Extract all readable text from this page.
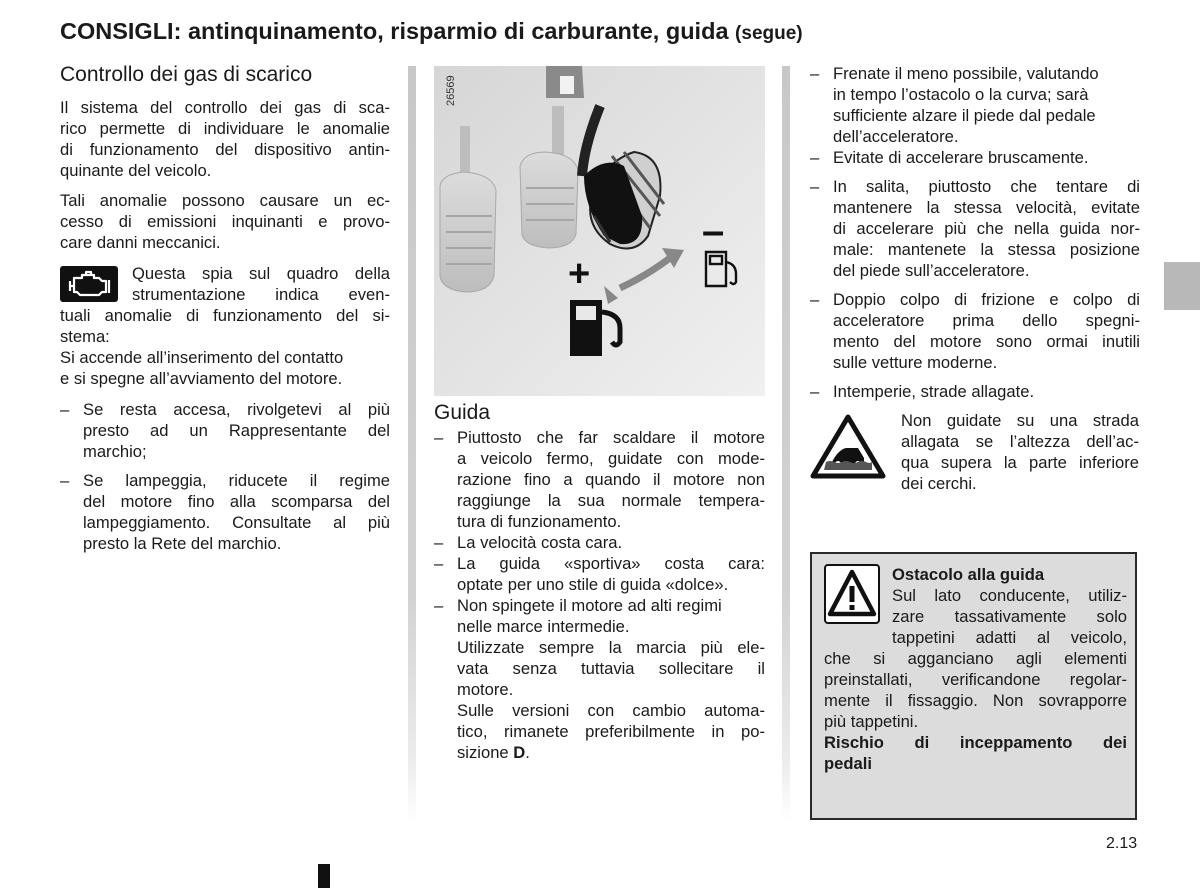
CONSIGLI: antinquinamento, risparmio di carburante, guida (segue)
Controllo dei gas di scarico
Il sistema del controllo dei gas di sca-
rico permette di individuare le anomalie
di funzionamento del dispositivo antin-
quinante del veicolo.
Tali anomalie possono causare un ec-
cesso di emissioni inquinanti e provo-
care danni meccanici.
Questa spia sul quadro della
strumentazione indica even-
tuali anomalie di funzionamento del si-
stema:
Si accende all’inserimento del contatto
e si spegne all’avviamento del motore.
– Se resta accesa, rivolgetevi al più
presto ad un Rappresentante del
marchio;
– Se lampeggia, riducete il regime
del motore fino alla scomparsa del
lampeggiamento. Consultate al più
presto la Rete del marchio.
+
–
26569
Guida
– Piuttosto che far scaldare il motore
a veicolo fermo, guidate con mode-
razione fino a quando il motore non
raggiunge la sua normale tempera-
tura di funzionamento.
– La velocità costa cara.
– La guida «sportiva» costa cara:
optate per uno stile di guida «dolce».
– Non spingete il motore ad alti regimi
nelle marce intermedie.
Utilizzate sempre la marcia più ele-
vata senza tuttavia sollecitare il
motore.
Sulle versioni con cambio automa-
tico, rimanete preferibilmente in po-
sizione D.
– Frenate il meno possibile, valutando
in tempo l’ostacolo o la curva; sarà
sufficiente alzare il piede dal pedale
dell’acceleratore.
– Evitate di accelerare bruscamente.
– In salita, piuttosto che tentare di
mantenere la stessa velocità, evitate
di accelerare più che nella guida nor-
male: mantenete la stessa posizione
del piede sull’acceleratore.
– Doppio colpo di frizione e colpo di
acceleratore prima dello spegni-
mento del motore sono ormai inutili
sulle vetture moderne.
– Intemperie, strade allagate.
Non guidate su una strada
allagata se l’altezza dell’ac-
qua supera la parte inferiore
dei cerchi.
Ostacolo alla guida
Sul lato conducente, utiliz-
zare tassativamente solo
tappetini adatti al veicolo,
che si agganciano agli elementi
preinstallati, verificandone regolar-
mente il fissaggio. Non sovrapporre
più tappetini.
Rischio di inceppamento dei
pedali
2.13
